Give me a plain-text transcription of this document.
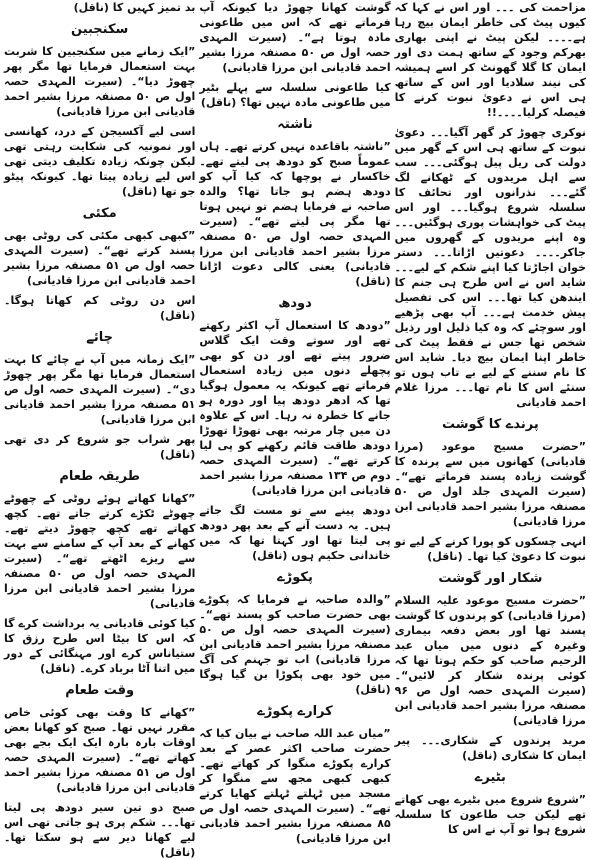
مزاحمت کی ۔۔۔ اور اس نے کہا کہ کیوں پیٹ کی خاطر ایمان بیچ رہا ہے۔۔۔۔ لیکن پیٹ نے اپنی بھاری بھرکم وجود کے ساتھ ہمت دی اور ایمان کا گلا گھونٹ کر اسے ہمیشہ کی نیند سلادیا اور اس کے ساتھ ہی اس نے دعویٰ نبوت کرنے کا فیصلہ کرلیا۔۔۔۔!!

نوکری چھوڑ کر گھر آگیا۔۔۔ دعویٰ نبوت کے ساتھ ہی اس کے گھر میں دولت کی ریل پیل ہوگئی۔۔۔ سب سے اہل مریدوں کے ٹھکانے لگ گئے۔۔۔ نذرانوں اور تحائف کا سلسلہ شروع ہوگیا۔۔۔ اور اس پیٹ کی خواہشات پوری ہوگئیں۔۔۔ وہ اپنے مریدوں کے گھروں میں جاکر۔۔۔۔ دعوتیں اڑاتا۔۔۔ دستر خوان اجاڑتا کیا اپنے شکم کے لیے۔۔۔ شاید اس نے اس طرح ہی جنم کا ایندھن کیا تھا۔۔۔ اس کی تفصیل پیش خدمت ہے۔۔۔ آپ بھی پڑھیے اور سوچئے کہ وہ کیا ذلیل اور رذیل شخص تھا جس نے فقط پیٹ کی خاطر اپنا ایمان بیچ دیا۔ شاید اس کا نام سننے کے لیے بے تاب ہوں تو سنئے اس کا نام تھا۔۔۔ مرزا غلام احمد قادیانی

پرندے کا گوشت

”حضرت مسیح موعود (مرزا قادیانی) کھانوں میں سے پرندہ کا گوشت زیادہ پسند فرماتے تھے“۔ (سیرت المہدی جلد اول ص ۵۰ مصنفہ مرزا بشیر احمد قادیانی ابن مرزا قادیانی)

انہی چسکوں کو پورا کرنے کے لیے تو نبوت کا دعویٰ کیا تھا۔ (ناقل)

شکار اور گوشت

”حضرت مسیح موعود علیہ السلام (مرزا قادیانی) کو پرندوں کا گوشت پسند تھا اور بعض دفعہ بیماری وغیرہ کے دنوں میں میاں عبد الرحیم صاحب کو حکم ہوتا تھا کہ کوئی پرندہ شکار کر لائیں“۔ (سیرت المہدی حصہ اول ص ۹۶ مصنفہ مرزا بشیر احمد قادیانی ابن مرزا قادیانی)

مرید پرندوں کے شکاری۔۔۔ پیر ایمان کا شکاری (ناقل)

بٹیرے

”شروع شروع میں بٹیرے بھی کھاتے تھے لیکن جب طاعون کا سلسلہ شروع ہوا تو آپ نے اس کا

گوشت کھانا چھوڑ دیا کیونکہ آپ فرماتے تھے کہ اس میں طاعونی مادہ ہوتا ہے“۔ (سیرت المہدی حصہ اول ص ۵۰ مصنفہ مرزا بشیر احمد قادیانی ابن مرزا قادیانی)

کیا طاعونی سلسلہ سے پہلے بٹیر میں طاعونی مادہ نہیں تھا؟ (ناقل)

ناشتہ

”ناشتہ باقاعدہ نہیں کرتے تھے۔ ہاں عموماً صبح کو دودھ پی لیتے تھے۔ خاکسار نے پوچھا کہ کیا آپ کو دودھ ہضم ہو جاتا تھا؟ والدہ صاحبہ نے فرمایا ہضم تو نہیں ہوتا تھا مگر پی لیتے تھے“۔ (سیرت المہدی حصہ اول ص ۵۰ مصنفہ مرزا بشیر احمد قادیانی ابن مرزا قادیانی) یعنی کالی دعوت اڑانا (ناقل)

دودھ

”دودھ کا استعمال آپ اکثر رکھتے تھے اور سوتے وقت ایک گلاس ضرور پیتے تھے اور دن کو بھی پچھلے دنوں میں زیادہ استعمال فرماتے تھے کیونکہ یہ معمول ہوگیا تھا کہ ادھر دودھ پیا اور دورہ ہو جانے کا خطرہ نہ رہا۔ اس کے علاوہ دن میں چار مرتبہ بھی تھوڑا تھوڑا دودھ طاقت قائم رکھنے کو پی لیا کرتے تھے“۔ (سیرت المہدی حصہ دوم ص ۱۳۴ مصنفہ مرزا بشیر احمد قادیانی ابن مرزا قادیانی)

دودھ پینے سے تو مست لگ جاتے ہیں۔ یہ دست آنے کے بعد پھر دودھ پی لیتا تھا اور کہتا تھا کہ میں خاندانی حکیم ہوں (ناقل)

پکوڑے

”والدہ صاحبہ نے فرمایا کہ پکوڑے بھی حضرت صاحب کو پسند تھے“۔ (سیرت المہدی حصہ اول ص ۵۰ مصنفہ مرزا بشیر احمد قادیانی ابن مرزا قادیانی) اب تو جہنم کی آگ میں خود بھی پکوڑا بن گیا ہوگا (ناقل)

کرارے پکوڑے

”میاں عبد اللہ صاحب نے بیان کیا کہ حضرت صاحب اکثر عصر کے بعد کرارے پکوڑے منگوا کر کھاتے تھے۔ کبھی کبھی مجھ سے منگوا کر مسجد میں ٹہلتے ٹہلتے کھایا کرتے تھے“۔ (سیرت المہدی حصہ اول ص ۸۵ مصنفہ مرزا بشیر احمد قادیانی ابن مرزا قادیانی)

بد تمیز کہیں کا (ناقل)

سکنجبین

”ایک زمانے میں سکنجبین کا شربت بہت استعمال فرمایا تھا مگر پھر چھوڑ دیا“۔ (سیرت المہدی حصہ اول ص ۵۰ مصنفہ مرزا بشیر احمد قادیانی ابن مرزا قادیانی)

اسی لیے آکسیجن کے درد، کھانسی اور نمونیہ کی شکایت رہتی تھی لیکن چونکہ زیادہ تکلیف دیتی تھی اس لیے زیادہ پیتا تھا۔ کیونکہ پیٹو جو تھا (ناقل)

مکئی

”کبھی کبھی مکئی کی روٹی بھی پسند کرتے تھے“۔ (سیرت المہدی حصہ اول ص ۵۱ مصنفہ مرزا بشیر احمد قادیانی ابن مرزا قادیانی)

اس دن روٹی کم کھاتا ہوگا۔ (ناقل)

چائے

”ایک زمانہ میں آپ نے چائے کا بہت استعمال فرمایا تھا مگر پھر چھوڑ دی“۔ (سیرت المہدی حصہ اول ص ۵۱ مصنفہ مرزا بشیر احمد قادیانی ابن مرزا قادیانی)

پھر شراب جو شروع کر دی تھی (ناقل)

طریقہ طعام

”کھانا کھاتے ہوئے روٹی کے چھوٹے چھوٹے ٹکڑے کرتے جاتے تھے۔ کچھ کھاتے تھے کچھ چھوڑ دیتے تھے۔ کھانے کے بعد آپ کے سامنے سے بہت سے ریزے اٹھتے تھے“۔ (سیرت المہدی حصہ اول ص ۵۰ مصنفہ مرزا بشیر احمد قادیانی ابن مرزا قادیانی)

کیا کوئی قادیانی یہ برداشت کرے گا کہ اس کا بیٹا اس طرح رزق کا ستیاناس کرے اور مہنگائی کے دور میں اتنا آٹا برباد کرے۔ (ناقل)

وقت طعام

”کھانے کا وقت بھی کوئی خاص مقرر نہیں تھا۔ صبح کو کھانا بعض اوقات بارہ بارہ ایک ایک بجے بھی کھاتے تھے“۔ (سیرت المہدی حصہ اول ص ۵۱ مصنفہ مرزا بشیر احمد قادیانی ابن مرزا قادیانی)

صبح دو تین سیر دودھ پی لیتا تھا۔۔۔ شکم پری ہو جاتی تھی اس لیے کھانا دیر سے ہو سکتا تھا۔ (ناقل)
